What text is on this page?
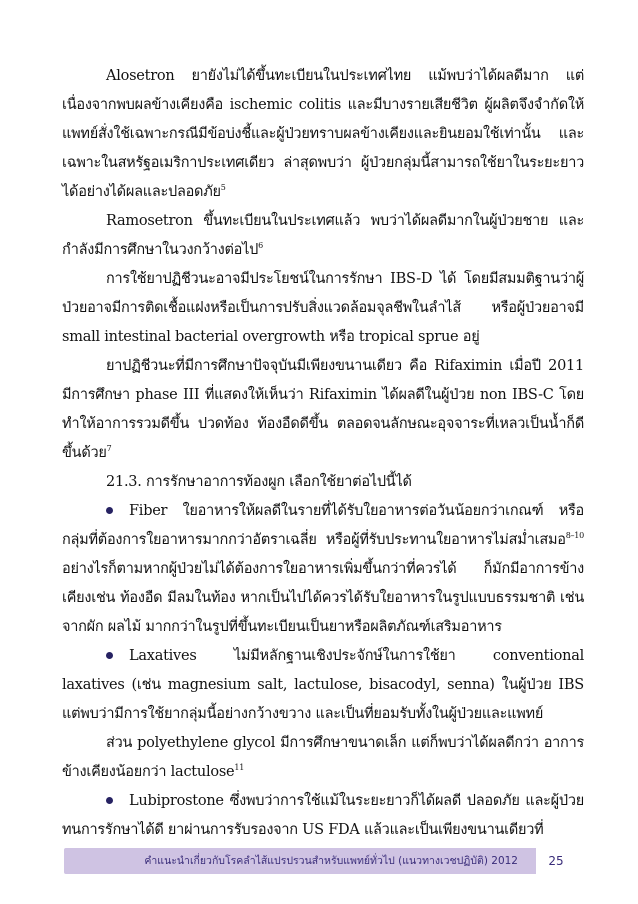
Alosetron ยายังไม่ได้ขึ้นทะเบียนในประเทศไทย แม้พบว่าได้ผลดีมาก แต่เนื่องจากพบผลข้างเคียงคือ ischemic colitis และมีบางรายเสียชีวิต ผู้ผลิตจึงจำกัดให้แพทย์สั่งใช้เฉพาะกรณีมีข้อบ่งชี้และผู้ป่วยทราบผลข้างเคียงและยินยอมใช้เท่านั้น และเฉพาะในสหรัฐอเมริกาประเทศเดียว ล่าสุดพบว่า ผู้ป่วยกลุ่มนี้สามารถใช้ยาในระยะยาวได้อย่างได้ผลและปลอดภัย$^5$

Ramosetron ขึ้นทะเบียนในประเทศแล้ว พบว่าได้ผลดีมากในผู้ป่วยชาย และกำลังมีการศึกษาในวงกว้างต่อไป$^6$

การใช้ยาปฏิชีวนะอาจมีประโยชน์ในการรักษา IBS-D ได้ โดยมีสมมติฐานว่าผู้ป่วยอาจมีการติดเชื้อแฝงหรือเป็นการปรับสิ่งแวดล้อมจุลชีพในลำไส้ หรือผู้ป่วยอาจมี small intestinal bacterial overgrowth หรือ tropical sprue อยู่

ยาปฏิชีวนะที่มีการศึกษาปัจจุบันมีเพียงขนานเดียว คือ Rifaximin เมื่อปี 2011 มีการศึกษา phase III ที่แสดงให้เห็นว่า Rifaximin ได้ผลดีในผู้ป่วย non IBS-C โดยทำให้อาการรวมดีขึ้น ปวดท้อง ท้องอืดดีขึ้น ตลอดจนลักษณะอุจจาระที่เหลวเป็นน้ำก็ดีขึ้นด้วย$^7$

21.3. การรักษาอาการท้องผูก เลือกใช้ยาต่อไปนี้ได้

Fiber ใยอาหารให้ผลดีในรายที่ได้รับใยอาหารต่อวันน้อยกว่าเกณฑ์ หรือกลุ่มที่ต้องการใยอาหารมากกว่าอัตราเฉลี่ย หรือผู้ที่รับประทานใยอาหารไม่สม่ำเสมอ$^{8-10}$ อย่างไรก็ตามหากผู้ป่วยไม่ได้ต้องการใยอาหารเพิ่มขึ้นกว่าที่ควรได้ ก็มักมีอาการข้างเคียงเช่น ท้องอืด มีลมในท้อง หากเป็นไปได้ควรได้รับใยอาหารในรูปแบบธรรมชาติ เช่นจากผัก ผลไม้ มากกว่าในรูปที่ขึ้นทะเบียนเป็นยาหรือผลิตภัณฑ์เสริมอาหาร

Laxatives ไม่มีหลักฐานเชิงประจักษ์ในการใช้ยา conventional laxatives (เช่น magnesium salt, lactulose, bisacodyl, senna) ในผู้ป่วย IBS แต่พบว่ามีการใช้ยากลุ่มนี้อย่างกว้างขวาง และเป็นที่ยอมรับทั้งในผู้ป่วยและแพทย์

ส่วน polyethylene glycol มีการศึกษาขนาดเล็ก แต่ก็พบว่าได้ผลดีกว่า อาการข้างเคียงน้อยกว่า lactulose$^{11}$

Lubiprostone ซึ่งพบว่าการใช้แม้ในระยะยาวก็ได้ผลดี ปลอดภัย และผู้ป่วยทนการรักษาได้ดี ยาผ่านการรับรองจาก US FDA แล้วและเป็นเพียงขนานเดียวที่

คำแนะนำเกี่ยวกับโรคลำไส้แปรปรวนสำหรับแพทย์ทั่วไป (แนวทางเวชปฏิบัติ) 2012	25
